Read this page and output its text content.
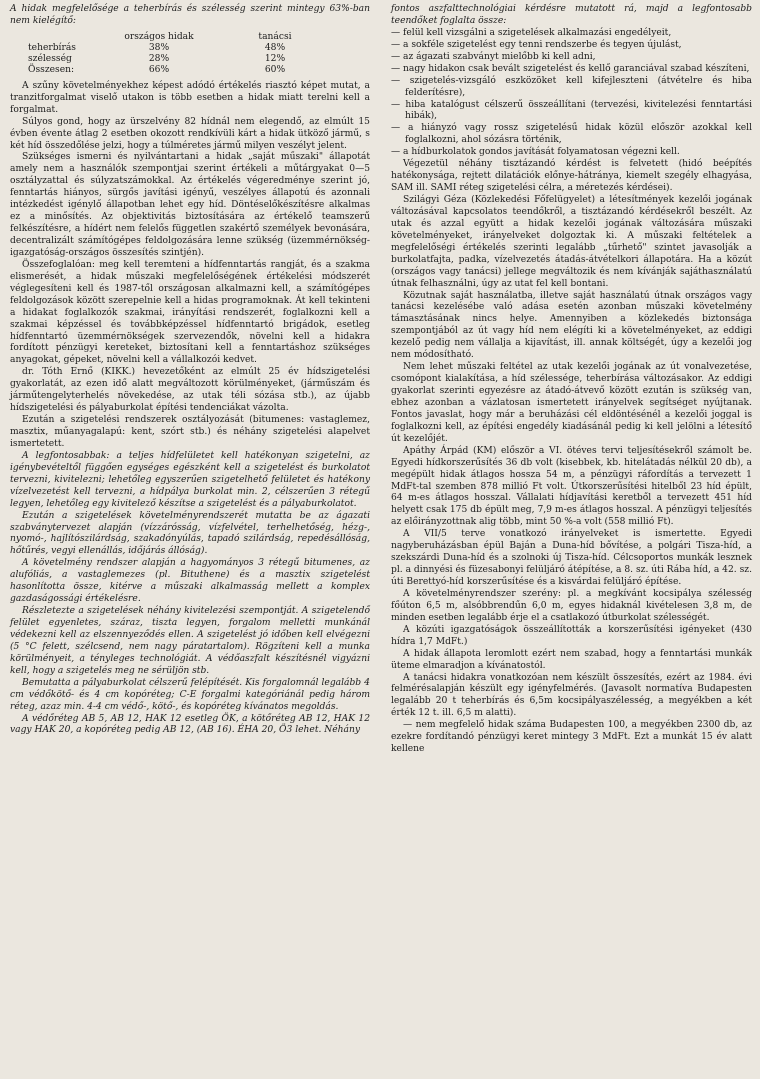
A hidak megfelelősége a teherbírás és szélesség szerint mintegy 63%-ban nem kielégítő:

	országos hidak	tanácsi
teherbírás	38%	48%
szélesség	28%	12%
Összesen:	66%	60%

A szűny követelményekhez képest adódó értékelés riasztó képet mutat, a tranzitforgalmat viselő utakon is több esetben a hidak miatt terelni kell a forgalmat.

Súlyos gond, hogy az ürszelvény 82 hídnál nem elegendő, az elmúlt 15 évben évente átlag 2 esetben okozott rendkívüli kárt a hidak ütköző jármű, s két híd összedőlése jelzi, hogy a túlméretes jármű milyen veszélyt jelent.

Szükséges ismerni és nyilvántartani a hidak „saját műszaki" állapotát amely nem a használók szempontjai szerint értékeli a műtárgyakat 0—5 osztályzattal és súlyzatszámokkal. Az értékelés végeredménye szerint jó, fenntartás hiányos, sürgős javítási igényű, veszélyes állapotú és azonnali intézkedést igénylő állapotban lehet egy híd. Döntéselőkészítésre alkalmas ez a minősítés. Az objektivitás biztosítására az értékelő teamszerű felkészítésre, a hídért nem felelős független szakértő személyek bevonására, decentralizált számítógépes feldolgozására lenne szükség (üzemmérnökség-igazgatóság-országos összesítés szintjén).

Összefoglalóan: meg kell teremteni a hídfenntartás rangját, és a szakma elismerését, a hidak műszaki megfelelőségének értékelési módszerét véglegesíteni kell és 1987-től országosan alkalmazni kell, a számítógépes feldolgozások között szerepelnie kell a hidas programoknak. Át kell tekinteni a hidakat foglalkozók szakmai, irányítási rendszerét, foglalkozni kell a szakmai képzéssel és továbbképzéssel hídfenntartó brigádok, esetleg hídfenntartó üzemmérnökségek szervezendők, növelni kell a hidakra fordított pénzügyi kereteket, biztosítani kell a fenntartáshoz szükséges anyagokat, gépeket, növelni kell a vállalkozói kedvet.

dr. Tóth Ernő (KIKK.) hevezetőként az elmúlt 25 év hídszigetelési gyakorlatát, az ezen idő alatt megváltozott körülményeket, (járműszám és járműtengelyterhelés növekedése, az utak téli sózása stb.), az újabb hídszigetelési és pályaburkolat építési tendenciákat vázolta.

Ezután a szigetelési rendszerek osztályozását (bitumenes: vastaglemez, masztix, műanyagalapú: kent, szórt stb.) és néhány szigetelési alapelvet ismertetett.

A legfontosabbak: a teljes hídfelületet kell hatékonyan szigetelni, az igénybevételtől függően egységes egészként kell a szigetelést és burkolatot tervezni, kivitelezni; lehetőleg egyszerűen szigetelhető felületet és hatékony vízelvezetést kell tervezni, a hídpálya burkolat min. 2, célszerűen 3 rétegű legyen, lehetőleg egy kivitelező készítse a szigetelést és a pályaburkolatot.

Ezután a szigetelések követelményrendszerét mutatta be az ágazati szabványtervezet alapján (vízzárósság, vízfelvétel, terhelhetőség, hézg-, nyomó-, hajlítószilárdság, szakadónyúlás, tapadó szilárdság, repedésállóság, hőtűrés, vegyi ellenállás, időjárás állóság).

A követelmény rendszer alapján a hagyományos 3 rétegű bitumenes, az alufóliás, a vastaglemezes (pl. Bituthene) és a masztix szigetelést hasonlította össze, kitérve a műszaki alkalmasság mellett a komplex gazdaságossági értékelésre.

Részletezte a szigetelések néhány kivitelezési szempontját. A szigetelendő felület egyenletes, száraz, tiszta legyen, forgalom melletti munkánál védekezni kell az elszennyeződés ellen. A szigetelést jó időben kell elvégezni (5 °C felett, szélcsend, nem nagy páratartalom). Rögzíteni kell a munka körülményeit, a tényleges technológiát. A védőaszfalt készítésnél vigyázni kell, hogy a szigetelés meg ne sérüljön stb.

Bemutatta a pályaburkolat célszerű felépítését. Kis forgalomnál legalább 4 cm védőkötő- és 4 cm kopóréteg; C-E forgalmi kategóriánál pedig három réteg, azaz min. 4-4 cm védő-, kötő-, és kopóréteg kívánatos megoldás.

A védőréteg AB 5, AB 12, HAK 12 esetleg ÖK, a kötőréteg AB 12, HAK 12 vagy HAK 20, a kopóréteg pedig AB 12, (AB 16). ÉHA 20, Ö3 lehet. Néhány

fontos aszfalttechnológiai kérdésre mutatott rá, majd a legfontosabb teendőket foglalta össze:

— felül kell vizsgálni a szigetelések alkalmazási engedélyeit,
— a sokféle szigetelést egy tenni rendszerbe és tegyen újulást,
— az ágazati szabványt mielőbb ki kell adni,
— nagy hidakon csak bevált szigetelést és kellő garanciával szabad készíteni,
— szigetelés-vizsgáló eszközöket kell kifejleszteni (átvételre és hiba felderítésre),
— hiba katalógust célszerű összeállítani (tervezési, kivitelezési fenntartási hibák),
— a hiányzó vagy rossz szigetelésű hidak közül először azokkal kell foglalkozni, ahol sózásra történik,
— a hídburkolatok gondos javítását folyamatosan végezni kell.

Végezetül néhány tisztázandó kérdést is felvetett (hidó beépítés hatékonysága, rejtett dilatációk előnye-hátránya, kiemelt szegély elhagyása, SAM ill. SAMI réteg szigetelési célra, a méretezés kérdései).

Szilágyi Géza (Közlekedési Főfelügyelet) a létesítmények kezelői jogának változásával kapcsolatos teendőkről, a tisztázandó kérdésekről beszélt. Az utak és azzal együtt a hidak kezelői jogának változására műszaki követelményeket, irányelveket dolgoztak ki. A műszaki feltételek a megfelelőségi értékelés szerinti legalább „tűrhető" szintet javasolják a burkolatfajta, padka, vízelvezetés átadás-átvételkori állapotára. Ha a közút (országos vagy tanácsi) jellege megváltozik és nem kívánják sajáthasználatú útnak felhasználni, úgy az utat fel kell bontani.

Közutnak saját használatba, illetve saját használatú útnak országos vagy tanácsi kezelésébe való adása esetén azonban műszaki követelmény támasztásának nincs helye. Amennyiben a közlekedés biztonsága szempontjából az út vagy híd nem elégíti ki a követelményeket, az eddigi kezelő pedig nem vállalja a kijavítást, ill. annak költségét, úgy a kezelői jog nem módosítható.

Nem lehet műszaki feltétel az utak kezelői jogának az út vonalvezetése, csomópont kialakítása, a híd szélessége, teherbírása változásakor. Az eddigi gyakorlat szerinti egyezésre az átadó-átvevő között ezután is szükség van, ebhez azonban a vázlatosan ismertetett irányelvek segítséget nyújtanak. Fontos javaslat, hogy már a beruházási cél eldöntésénél a kezelői joggal is foglalkozni kell, az építési engedély kiadásánál pedig ki kell jelölni a létesítő út kezelőjét.

Apáthy Árpád (KM) először a VI. ötéves tervi teljesítésekről számolt be. Egyedi hídkorszerűsítés 36 db volt (kisebbek, kb. hitelátadás nélkül 20 db), a megépült hidak átlagos hossza 54 m, a pénzügyi ráfordítás a tervezett 1 MdFt-tal szemben 878 millió Ft volt. Útkorszerűsítési hitelből 23 híd épült, 64 m-es átlagos hosszal. Vállalati hídjavítási keretből a tervezett 451 híd helyett csak 175 db épült meg, 7,9 m-es átlagos hosszal. A pénzügyi teljesítés az előirányzottnak alig több, mint 50 %-a volt (558 millió Ft).

A VII/5 terve vonatkozó irányelveket is ismertette. Egyedi nagyberuházásban épül Baján a Duna-híd bővítése, a polgári Tisza-híd, a szekszárdi Duna-híd és a szolnoki új Tisza-híd. Célcsoportos munkák lesznek pl. a dinnyési és füzesabonyi felüljáró átépítése, a 8. sz. úti Rába híd, a 42. sz. úti Berettyó-híd korszerűsítése és a kisvárdai felüljáró építése.

A követelményrendszer szerény: pl. a megkívánt kocsipálya szélesség főúton 6,5 m, alsóbbrendűn 6,0 m, egyes hidaknál kivételesen 3,8 m, de minden esetben legalább érje el a csatlakozó útburkolat szélességét.

A közúti igazgatóságok összeállították a korszerűsítési igényeket (430 hídra 1,7 MdFt.)

A hidak állapota leromlott ezért nem szabad, hogy a fenntartási munkák üteme elmaradjon a kívánatostól.

A tanácsi hidakra vonatkozóan nem készült összesítés, ezért az 1984. évi felmérésalapján készült egy igényfelmérés. (Javasolt normatíva Budapesten legalább 20 t teherbírás és 6,5m kocsipályaszélesség, a megyékben a két érték 12 t. ill. 6,5 m alatti).

— nem megfelelő hidak száma Budapesten 100, a megyékben 2300 db, az ezekre fordítandó pénzügyi keret mintegy 3 MdFt. Ezt a munkát 15 év alatt kellene
